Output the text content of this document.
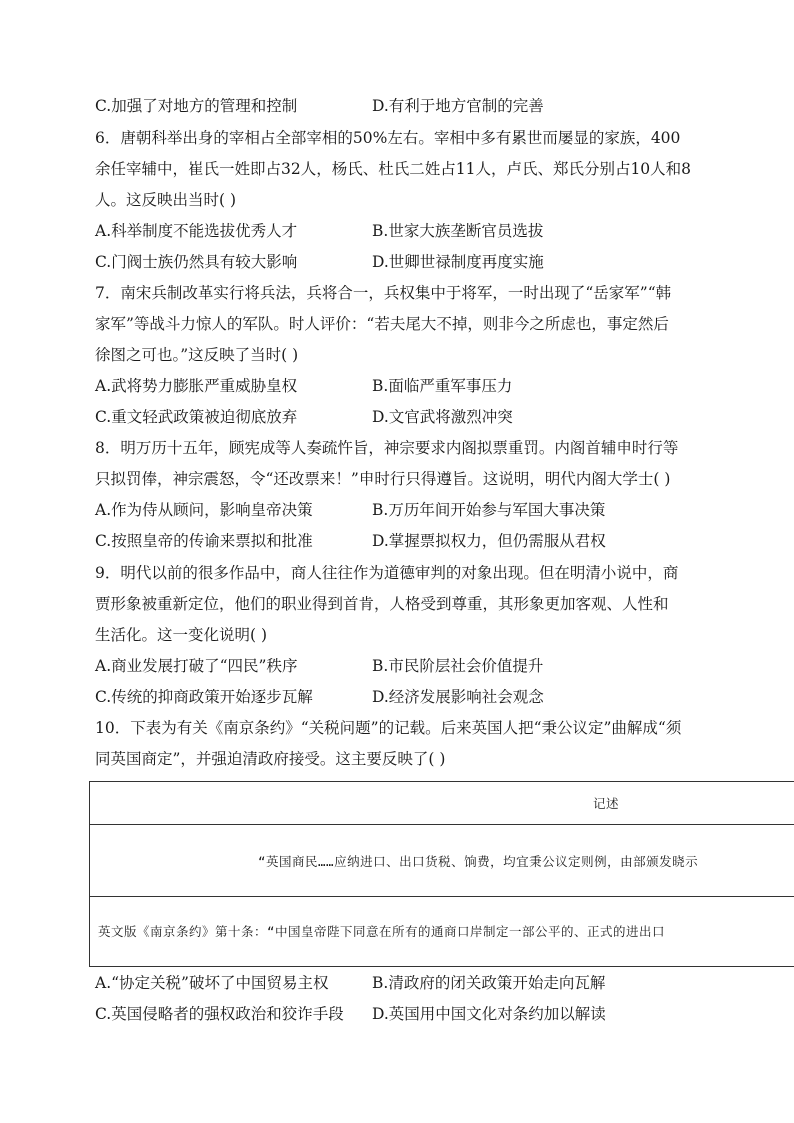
C.加强了对地方的管理和控制	D.有利于地方官制的完善
6．唐朝科举出身的宰相占全部宰相的50%左右。宰相中多有累世而屡显的家族，400
余任宰辅中，崔氏一姓即占32人，杨氏、杜氏二姓占11人，卢氏、郑氏分别占10人和8
人。这反映出当时( )
A.科举制度不能选拔优秀人才	B.世家大族垄断官员选拔
C.门阀士族仍然具有较大影响	D.世卿世禄制度再度实施
7．南宋兵制改革实行将兵法，兵将合一，兵权集中于将军，一时出现了“岳家军”“韩
家军”等战斗力惊人的军队。时人评价：“若夫尾大不掉，则非今之所虑也，事定然后
徐图之可也。”这反映了当时( )
A.武将势力膨胀严重威胁皇权	B.面临严重军事压力
C.重文轻武政策被迫彻底放弃	D.文官武将激烈冲突
8．明万历十五年，顾宪成等人奏疏忤旨，神宗要求内阁拟票重罚。内阁首辅申时行等
只拟罚俸，神宗震怒，令“还改票来！”申时行只得遵旨。这说明，明代内阁大学士( )
A.作为侍从顾问，影响皇帝决策	B.万历年间开始参与军国大事决策
C.按照皇帝的传谕来票拟和批准	D.掌握票拟权力，但仍需服从君权
9．明代以前的很多作品中，商人往往作为道德审判的对象出现。但在明清小说中，商
贾形象被重新定位，他们的职业得到首肯，人格受到尊重，其形象更加客观、人性和
生活化。这一变化说明( )
A.商业发展打破了“四民”秩序	B.市民阶层社会价值提升
C.传统的抑商政策开始逐步瓦解	D.经济发展影响社会观念
10．下表为有关《南京条约》“关税问题”的记载。后来英国人把“秉公议定”曲解成“须
同英国商定”，并强迫清政府接受。这主要反映了( )
记述
“英国商民……应纳进口、出口货税、饷费，均宜秉公议定则例，由部颁发晓示
英文版《南京条约》第十条：“中国皇帝陛下同意在所有的通商口岸制定一部公平的、正式的进出口
A.“协定关税”破坏了中国贸易主权	B.清政府的闭关政策开始走向瓦解
C.英国侵略者的强权政治和狡诈手段 D.英国用中国文化对条约加以解读
